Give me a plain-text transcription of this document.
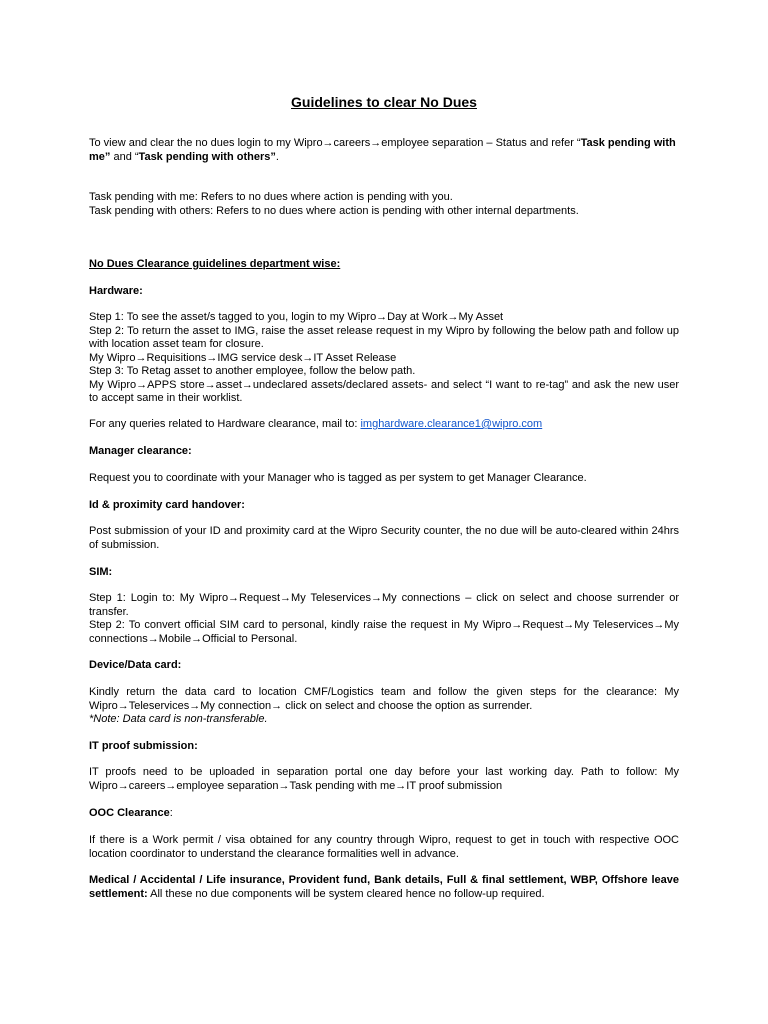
Guidelines to clear No Dues

To view and clear the no dues login to my Wipro→careers→employee separation – Status and refer “Task pending with me” and “Task pending with others”.

Task pending with me: Refers to no dues where action is pending with you.
Task pending with others: Refers to no dues where action is pending with other internal departments.

No Dues Clearance guidelines department wise:

Hardware:

Step 1: To see the asset/s tagged to you, login to my Wipro→Day at Work→My Asset
Step 2: To return the asset to IMG, raise the asset release request in my Wipro by following the below path and follow up with location asset team for closure.
My Wipro→Requisitions→IMG service desk→IT Asset Release
Step 3: To Retag asset to another employee, follow the below path.
My Wipro→APPS store→asset→undeclared assets/declared assets- and select “I want to re-tag” and ask the new user to accept same in their worklist.

For any queries related to Hardware clearance, mail to: imghardware.clearance1@wipro.com

Manager clearance:

Request you to coordinate with your Manager who is tagged as per system to get Manager Clearance.

Id & proximity card handover:

Post submission of your ID and proximity card at the Wipro Security counter, the no due will be auto-cleared within 24hrs of submission.

SIM:

Step 1: Login to: My Wipro→Request→My Teleservices→My connections – click on select and choose surrender or transfer.
Step 2: To convert official SIM card to personal, kindly raise the request in My Wipro→Request→My Teleservices→My connections→Mobile→Official to Personal.

Device/Data card:

Kindly return the data card to location CMF/Logistics team and follow the given steps for the clearance: My Wipro→Teleservices→My connection→ click on select and choose the option as surrender.
*Note: Data card is non-transferable.

IT proof submission:

IT proofs need to be uploaded in separation portal one day before your last working day. Path to follow: My Wipro→careers→employee separation→Task pending with me→IT proof submission

OOC Clearance:

If there is a Work permit / visa obtained for any country through Wipro, request to get in touch with respective OOC location coordinator to understand the clearance formalities well in advance.

Medical / Accidental / Life insurance, Provident fund, Bank details, Full & final settlement, WBP, Offshore leave settlement: All these no due components will be system cleared hence no follow-up required.
